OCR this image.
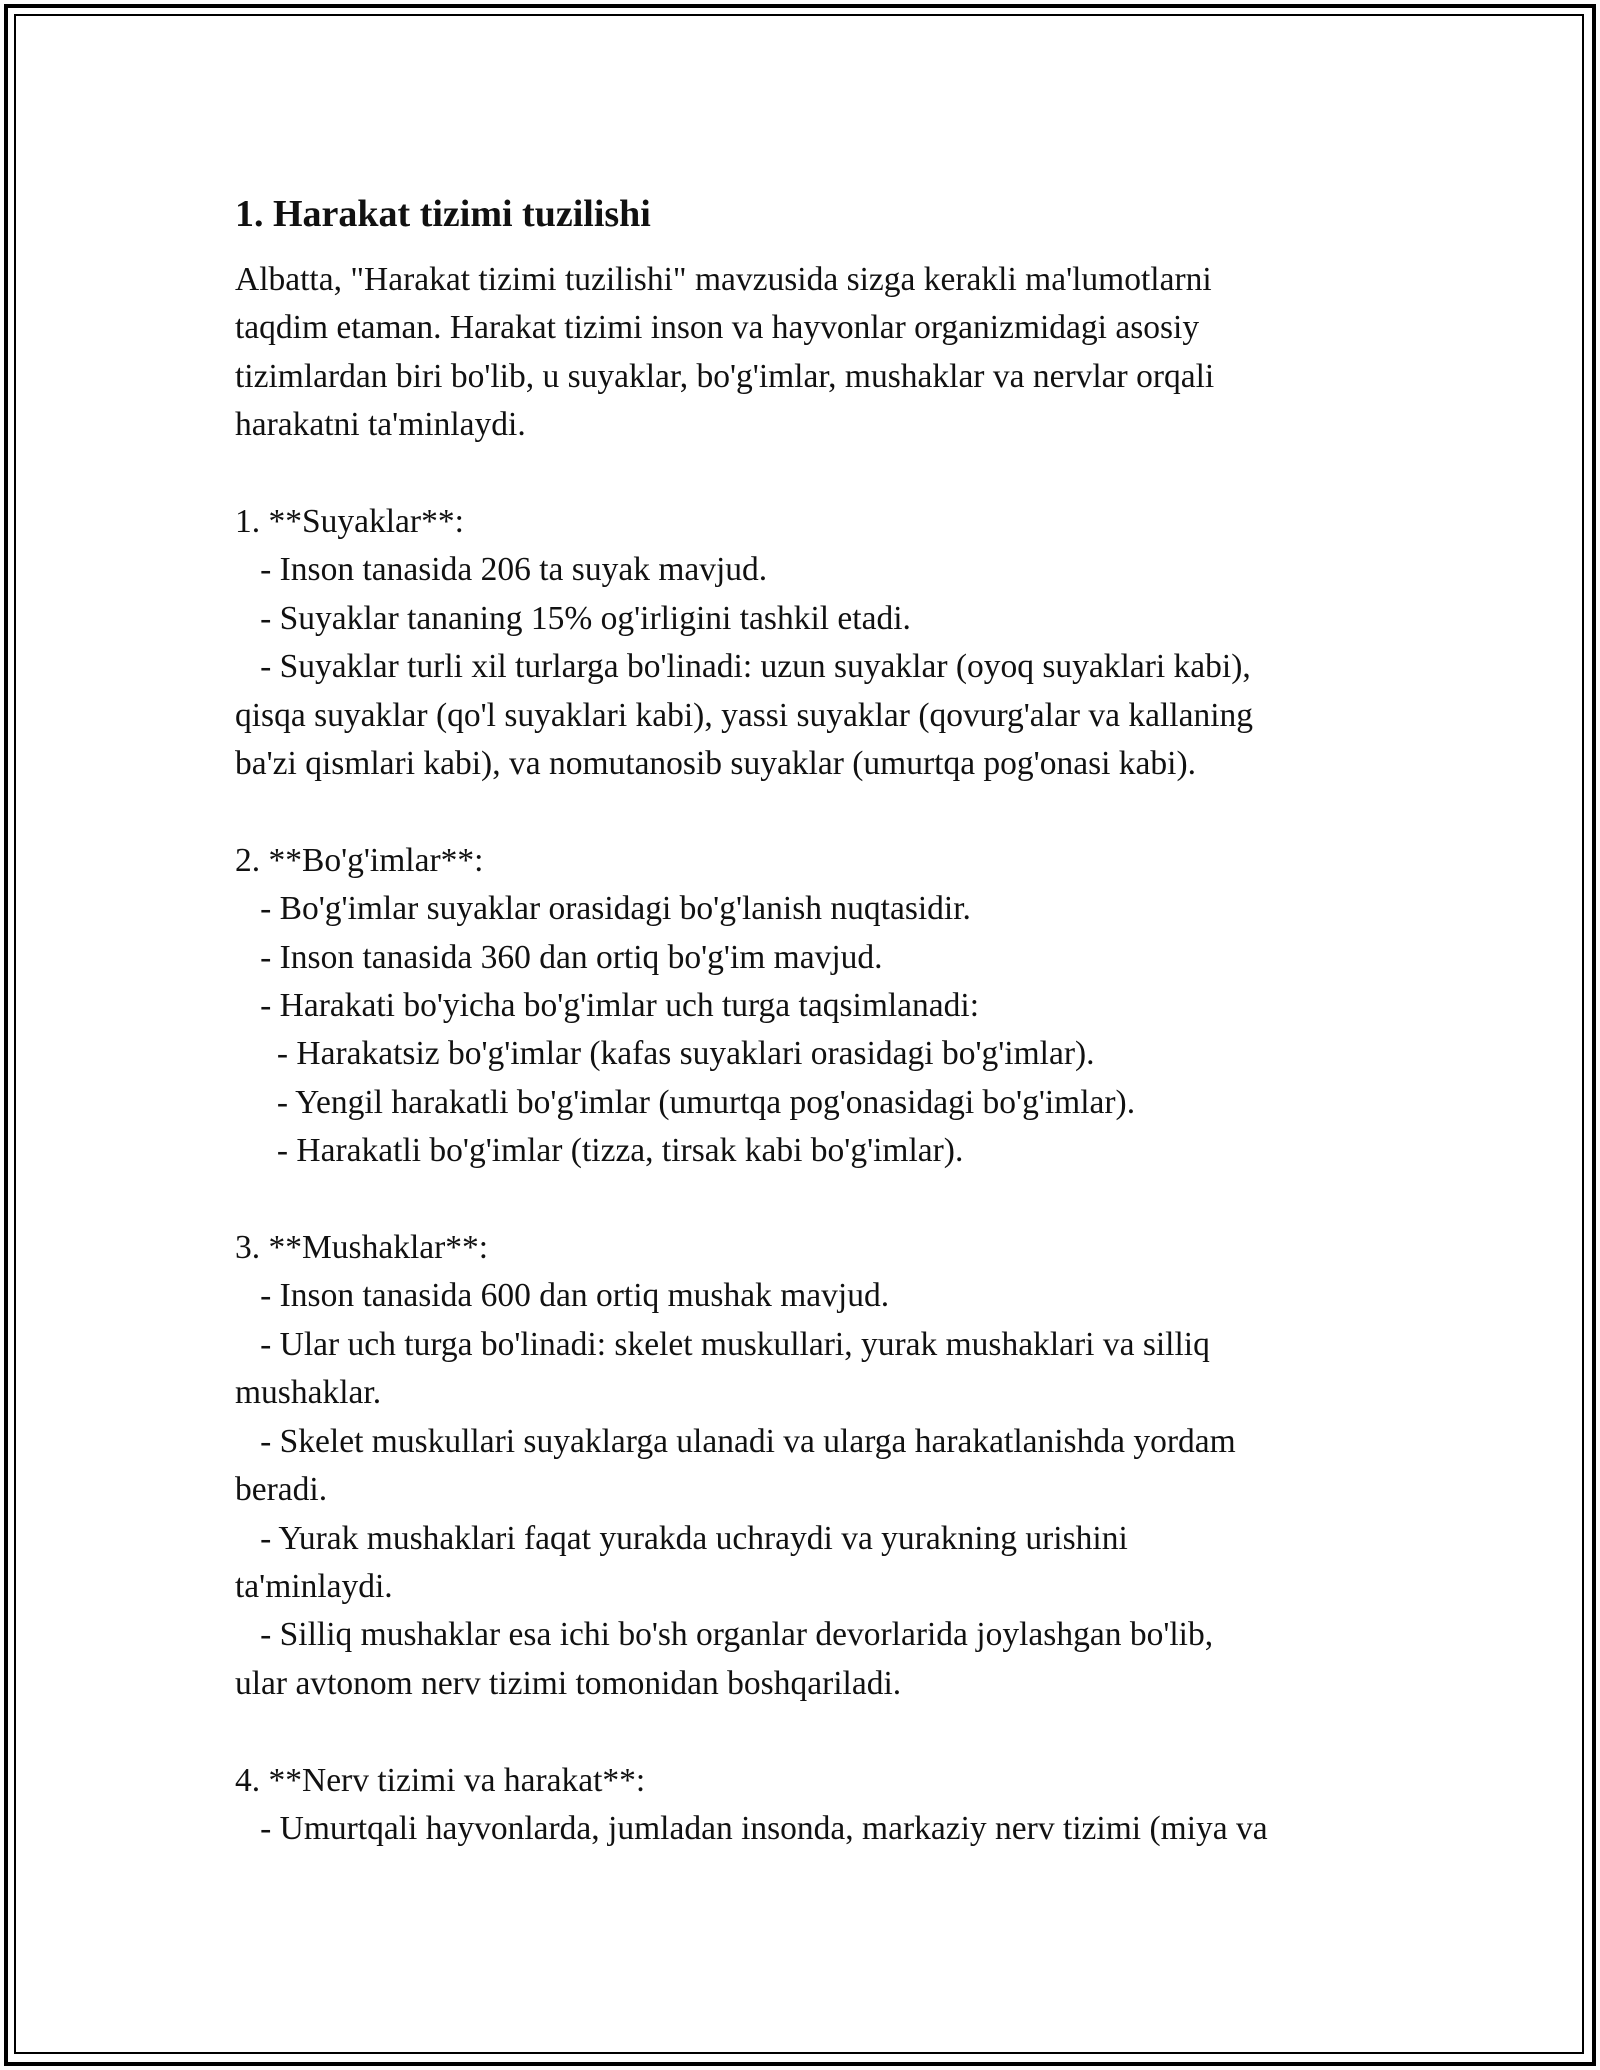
1. Harakat tizimi tuzilishi
Albatta, "Harakat tizimi tuzilishi" mavzusida sizga kerakli ma'lumotlarni
taqdim etaman. Harakat tizimi inson va hayvonlar organizmidagi asosiy
tizimlardan biri bo'lib, u suyaklar, bo'g'imlar, mushaklar va nervlar orqali
harakatni ta'minlaydi.
1. **Suyaklar**:
- Inson tanasida 206 ta suyak mavjud.
- Suyaklar tananing 15% og'irligini tashkil etadi.
- Suyaklar turli xil turlarga bo'linadi: uzun suyaklar (oyoq suyaklari kabi),
qisqa suyaklar (qo'l suyaklari kabi), yassi suyaklar (qovurg'alar va kallaning
ba'zi qismlari kabi), va nomutanosib suyaklar (umurtqa pog'onasi kabi).
2. **Bo'g'imlar**:
- Bo'g'imlar suyaklar orasidagi bo'g'lanish nuqtasidir.
- Inson tanasida 360 dan ortiq bo'g'im mavjud.
- Harakati bo'yicha bo'g'imlar uch turga taqsimlanadi:
- Harakatsiz bo'g'imlar (kafas suyaklari orasidagi bo'g'imlar).
- Yengil harakatli bo'g'imlar (umurtqa pog'onasidagi bo'g'imlar).
- Harakatli bo'g'imlar (tizza, tirsak kabi bo'g'imlar).
3. **Mushaklar**:
- Inson tanasida 600 dan ortiq mushak mavjud.
- Ular uch turga bo'linadi: skelet muskullari, yurak mushaklari va silliq
mushaklar.
- Skelet muskullari suyaklarga ulanadi va ularga harakatlanishda yordam
beradi.
- Yurak mushaklari faqat yurakda uchraydi va yurakning urishini
ta'minlaydi.
- Silliq mushaklar esa ichi bo'sh organlar devorlarida joylashgan bo'lib,
ular avtonom nerv tizimi tomonidan boshqariladi.
4. **Nerv tizimi va harakat**:
- Umurtqali hayvonlarda, jumladan insonda, markaziy nerv tizimi (miya va
